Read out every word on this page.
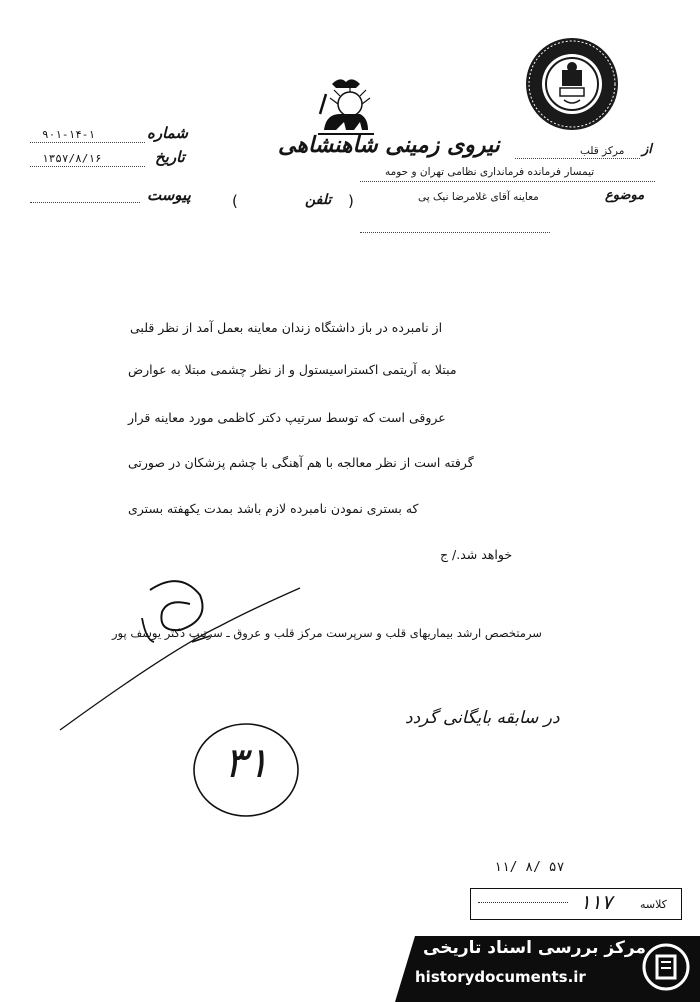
شماره
۹۰۱-۱۴-۱
تاریخ
۱۳۵۷/۸/۱۶
پیوست
نیروی زمینی شاهنشاهی
(	تلفن )
از
مرکز قلب
تیمسار فرمانده فرمانداری نظامی تهران و حومه
موضوع
معاینه آقای غلامرضا نیک پی
از نامبرده در باز داشتگاه زندان معاینه بعمل آمد از نظر قلبی
مبتلا به آریتمی اکستراسیستول و از نظر چشمی مبتلا به عوارض
عروقی است که توسط سرتیپ دکتر کاظمی مورد معاینه قرار
گرفته است از نظر معالجه با هم آهنگی با چشم پزشکان در صورتی
که بستری نمودن نامبرده لازم باشد بمدت یکهفته بستری
خواهد شد./ ج
سرمتخصص ارشد بیماریهای قلب و سرپرست مرکز قلب و عروق ـ سرتیپ دکتر یوسف پور
در سابقه بایگانی گردد
۳۱
۱۱/ ۸/ ۵۷
کلاسه
۱۱۷
مرکز بررسی اسناد تاریخی
historydocuments.ir
